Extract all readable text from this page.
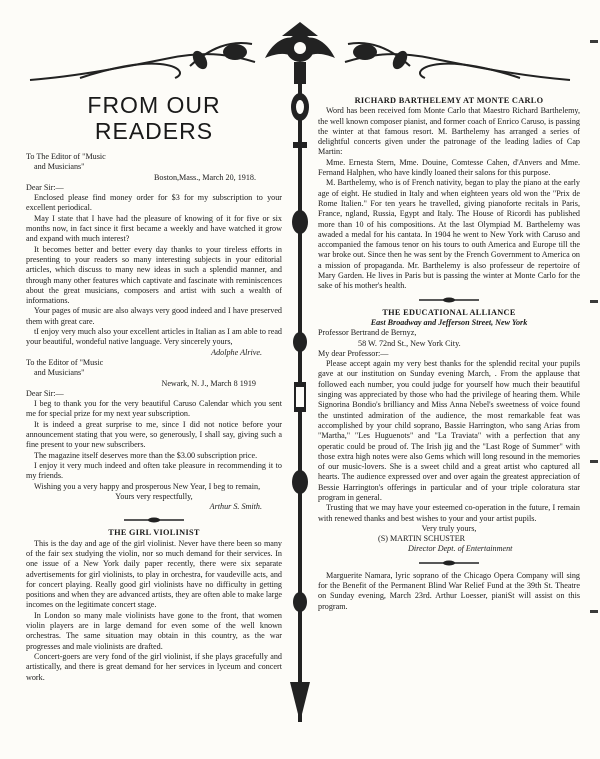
FROM OUR READERS

To The Editor of "Music

and Musicians"

Boston,Mass., March 20, 1918.

Dear Sir:—

Enclosed please find money order for $3 for my subscription to your excellent periodical.

May I state that I have had the pleasure of knowing of it for five or six months now, in fact since it first became a weekly and have watched it grow and expand with much interest?

It becomes better and better every day thanks to your tireless efforts in presenting to your readers so many interesting subjects in your editorial articles, which discuss to many new ideas in such a splendid manner, and through many other features which captivate and fascinate with reminiscences about the great musicians, composers and artist with such a wealth of informations.

Your pages of music are also always very good indeed and I have preserved them with great care.

tI enjoy very much also your excellent articles in Italian as I am able to read your beautiful, wondeful native language. Very sincerely yours,

Adolphe Alrive.

To the Editor of "Music

and Musicians"

Newark, N. J., March 8 1919

Dear Sir:—

I beg to thank you for the very beautiful Caruso Calendar which you sent me for special prize for my next year subscription.

It is indeed a great surprise to me, since I did not notice before your announcement stating that you were, so generously, I shall say, giving such a fine present to your new subscribers.

The magazine itself deserves more than the $3.00 subscription price.

I enjoy it very much indeed and often take pleasure in recommending it to my friends.

Wishing you a very happy and prosperous New Year, I beg to remain,

Yours very respectfully,

Arthur S. Smith.

THE GIRL VIOLINIST

This is the day and age of the girl violinist. Never have there been so many of the fair sex studying the violin, nor so much demand for their services. In one issue of a New York daily paper recently, there were six separate advertisements for girl violinists, to play in orchestra, for vaudeville acts, and for concert playing. Really good girl violinists have no difficulty in getting positions and when they are advanced artists, they are often able to make large incomes on the legitimate concert stage.

In London so many male violinists have gone to the front, that women violin players are in large demand for even some of the well known orchestras. The same situation may obtain in this country, as the war progresses and male violinists are drafted.

Concert-goers are very fond of the girl violinist, if she plays gracefully and artistically, and there is great demand for her services in lyceum and concert work.

RICHARD BARTHELEMY AT MONTE CARLO

Word has been received fom Monte Carlo that Maestro Richard Barthelemy, the well known composer pianist, and former coach of Enrico Caruso, is passing the winter at that famous resort. M. Barthelemy has arranged a series of delightful concerts given under the patronage of the leading ladies of Cap Martin:

Mme. Ernesta Stern, Mme. Douine, Comtesse Cahen, d'Anvers and Mme. Fernand Halphen, who have kindly loaned their salons for this purpose.

M. Barthelemy, who is of French nativity, began to play the piano at the early age of eight. He studied in Italy and when eighteen years old won the "Prix de Rome Italien." For ten years he travelled, giving pianoforte recitals in Paris, France, ngland, Russia, Egypt and Italy. The House of Ricordi has published more than 10 of his compositions. At the last Olympiad M. Barthelemy was awaded a medal for his cantata. In 1904 he went to New York with Caruso and accompanied the famous tenor on his tours to outh America and Europe till the war broke out. Since then he was sent by the French Government to America on a mission of propaganda. Mr. Barthelemy is also professeur de repertoire of Mary Garden. He lives in Paris but is passing the winter at Monte Carlo for the sake of his mother's health.

THE EDUCATIONAL ALLIANCE

East Broadway and Jefferson Street, New York

Professor Bertrand de Bernyz,

58 W. 72nd St., New York City.

My dear Professor:—

Please accept again my very best thanks for the splendid recital your pupils gave at our institution on Sunday evening March, . From the applause that followed each number, you could judge for yourself how much their beautiful singing was appreciated by those who had the privilege of hearing them. While Signorina Bondio's brilliancy and Miss Anna Nebel's sweetness of voice found the unstinted admiration of the audience, the most remarkable feat was accomplished by your child soprano, Bassie Harrington, who sang Arias from "Martha," "Les Huguenots" and "La Traviata" with a perfection that any operatic could be proud of. The Irish jig and the "Last Roge of Summer" with those extra high notes were also Gems which will long resound in the memories of our music-lovers. She is a sweet child and a great artist who captured all hearts. The audience expressed over and over again the greatest appreciation of Bessie Harrington's offerings in particular and of your triple coloratura star program in general.

Trusting that we may have your esteemed co-operation in the future, I remain with renewed thanks and best wishes to your and your artist pupils.

Very truly yours,

(S) MARTIN SCHUSTER

Director Dept. of Entertainment

Marguerite Namara, lyric soprano of the Chicago Opera Company will sing for the Benefit of the Permanent Blind War Relief Fund at the 39th St. Theatre on Sunday evening, March 23rd. Arthur Loesser, pianiSt will assist on this program.
